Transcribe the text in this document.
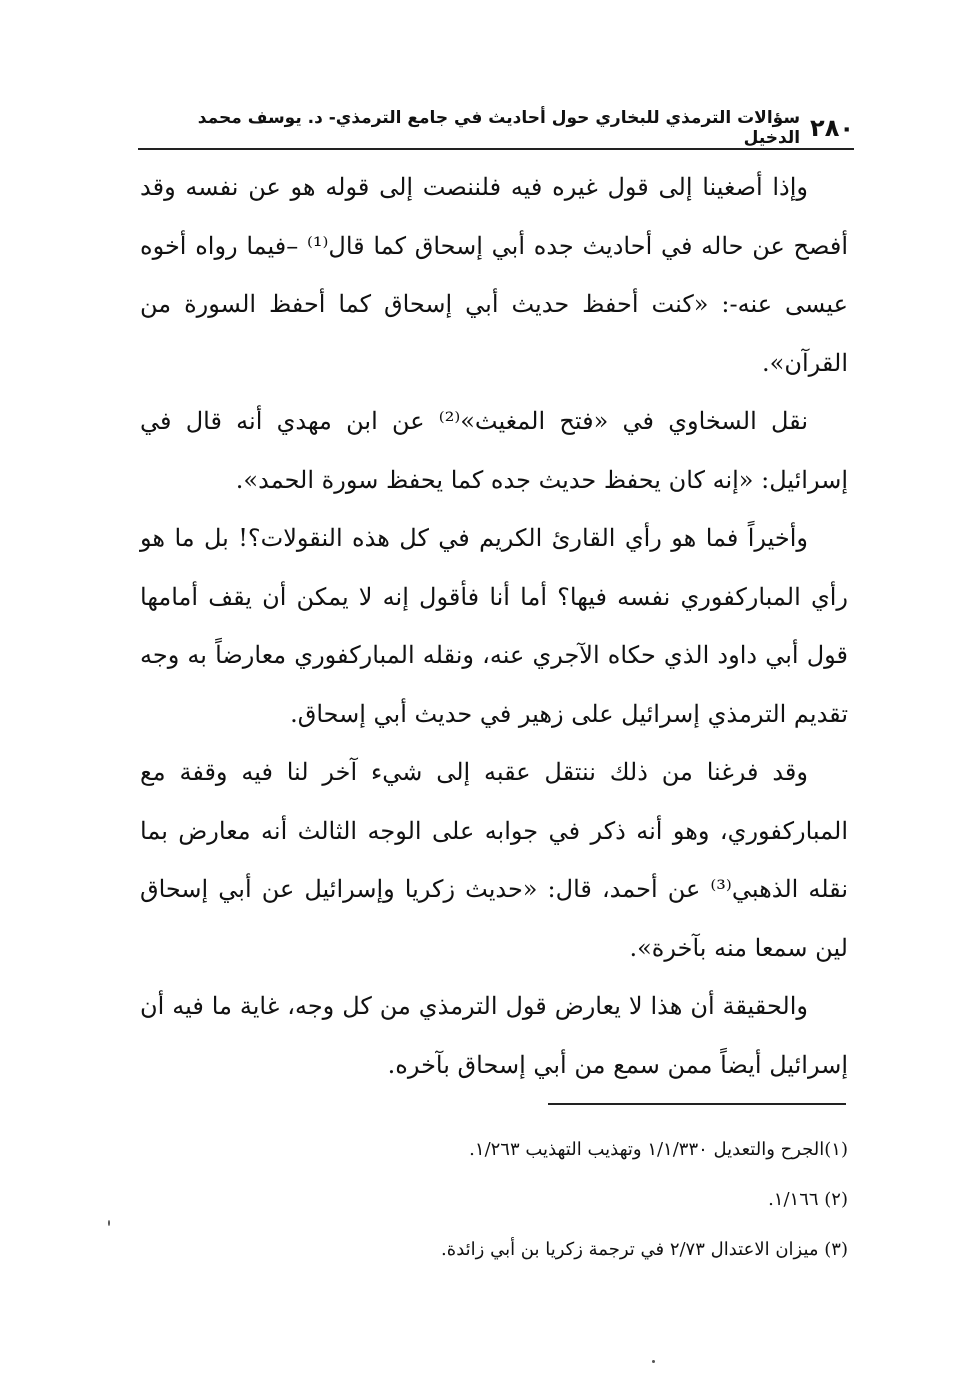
٢٨٠
سؤالات الترمذي للبخاري حول أحاديث في جامع الترمذي- د. يوسف محمد الدخيل

وإذا أصغينا إلى قول غيره فيه فلننصت إلى قوله هو عن نفسه وقد أفصح عن حاله في أحاديث جده أبي إسحاق كما قال⁽¹⁾ –فيما رواه أخوه عيسى عنه-: «كنت أحفظ حديث أبي إسحاق كما أحفظ السورة من القرآن».

نقل السخاوي في «فتح المغيث»⁽²⁾ عن ابن مهدي أنه قال في إسرائيل: «إنه كان يحفظ حديث جده كما يحفظ سورة الحمد».

وأخيراً فما هو رأي القارئ الكريم في كل هذه النقولات؟! بل ما هو رأي المباركفوري نفسه فيها؟ أما أنا فأقول إنه لا يمكن أن يقف أمامها قول أبي داود الذي حكاه الآجري عنه، ونقله المباركفوري معارضاً به وجه تقديم الترمذي إسرائيل على زهير في حديث أبي إسحاق.

وقد فرغنا من ذلك ننتقل عقبه إلى شيء آخر لنا فيه وقفة مع المباركفوري، وهو أنه ذكر في جوابه على الوجه الثالث أنه معارض بما نقله الذهبي⁽³⁾ عن أحمد، قال: «حديث زكريا وإسرائيل عن أبي إسحاق لين سمعا منه بآخرة».

والحقيقة أن هذا لا يعارض قول الترمذي من كل وجه، غاية ما فيه أن إسرائيل أيضاً ممن سمع من أبي إسحاق بآخره.

(١)الجرح والتعديل ١/١/٣٣٠ وتهذيب التهذيب ١/٢٦٣.

(٢) ١/١٦٦.

(٣) ميزان الاعتدال ٢/٧٣ في ترجمة زكريا بن أبي زائدة.
